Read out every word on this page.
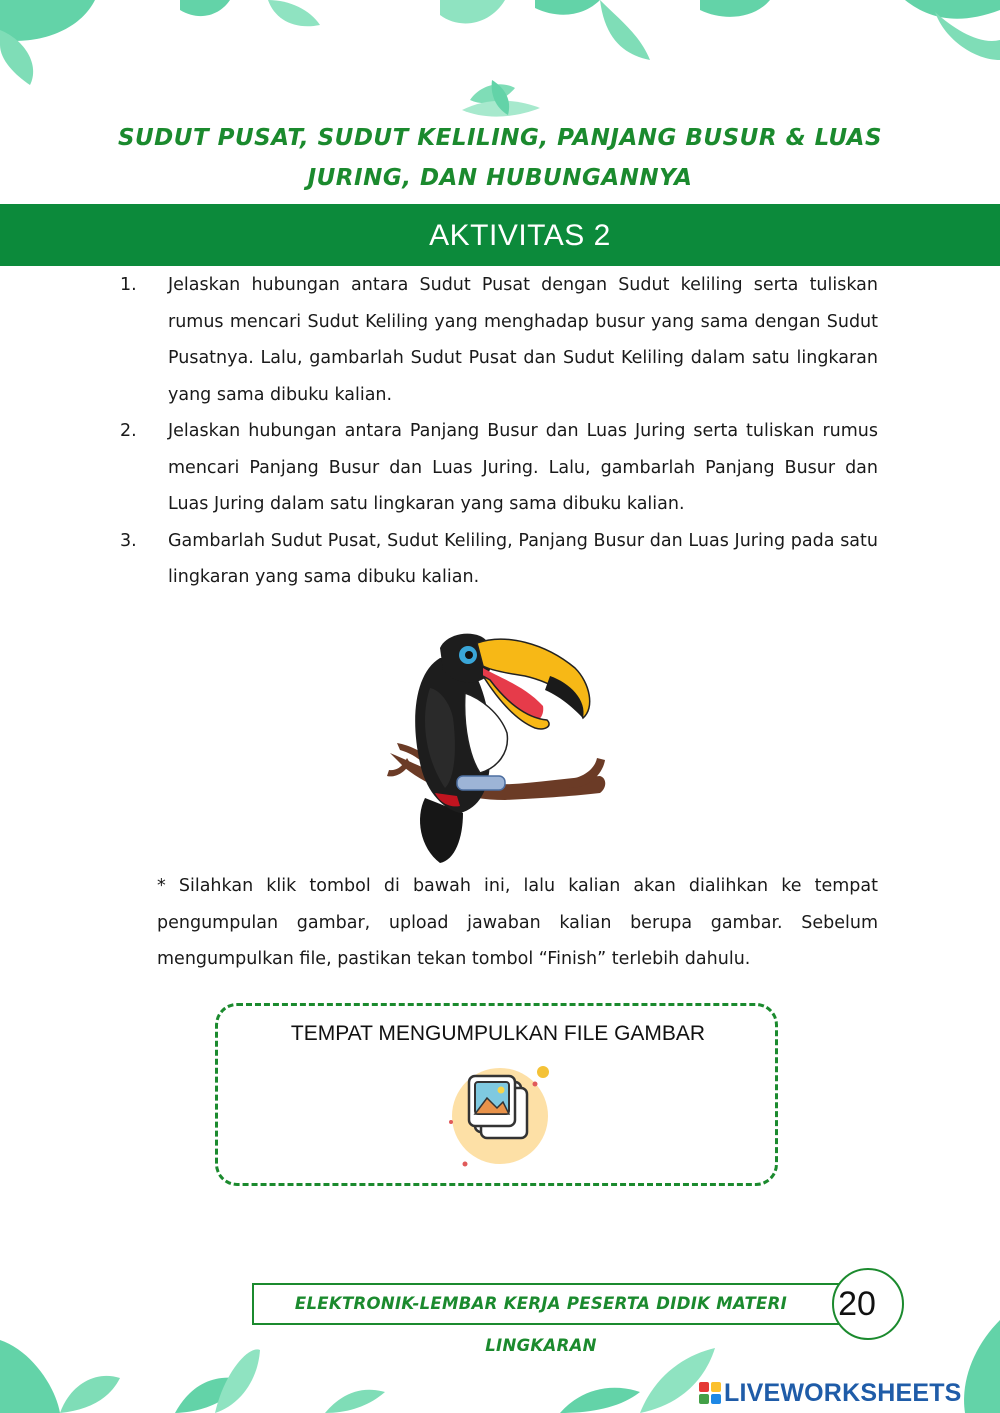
SUDUT PUSAT, SUDUT KELILING, PANJANG BUSUR & LUAS JURING, DAN HUBUNGANNYA
AKTIVITAS 2
1. Jelaskan hubungan antara Sudut Pusat dengan Sudut keliling serta tuliskan rumus mencari Sudut Keliling yang menghadap busur yang sama dengan Sudut Pusatnya. Lalu, gambarlah Sudut Pusat dan Sudut Keliling dalam satu lingkaran yang sama dibuku kalian.
2. Jelaskan hubungan antara Panjang Busur dan Luas Juring serta tuliskan rumus mencari Panjang Busur dan Luas Juring. Lalu, gambarlah Panjang Busur dan Luas Juring dalam satu lingkaran yang sama dibuku kalian.
3. Gambarlah Sudut Pusat, Sudut Keliling, Panjang Busur dan Luas Juring pada satu lingkaran yang sama dibuku kalian.
* Silahkan klik tombol di bawah ini, lalu kalian akan dialihkan ke tempat pengumpulan gambar, upload jawaban kalian berupa gambar. Sebelum mengumpulkan file, pastikan tekan tombol “Finish” terlebih dahulu.
TEMPAT MENGUMPULKAN FILE GAMBAR
ELEKTRONIK-LEMBAR KERJA PESERTA DIDIK MATERI LINGKARAN
20
LIVEWORKSHEETS
